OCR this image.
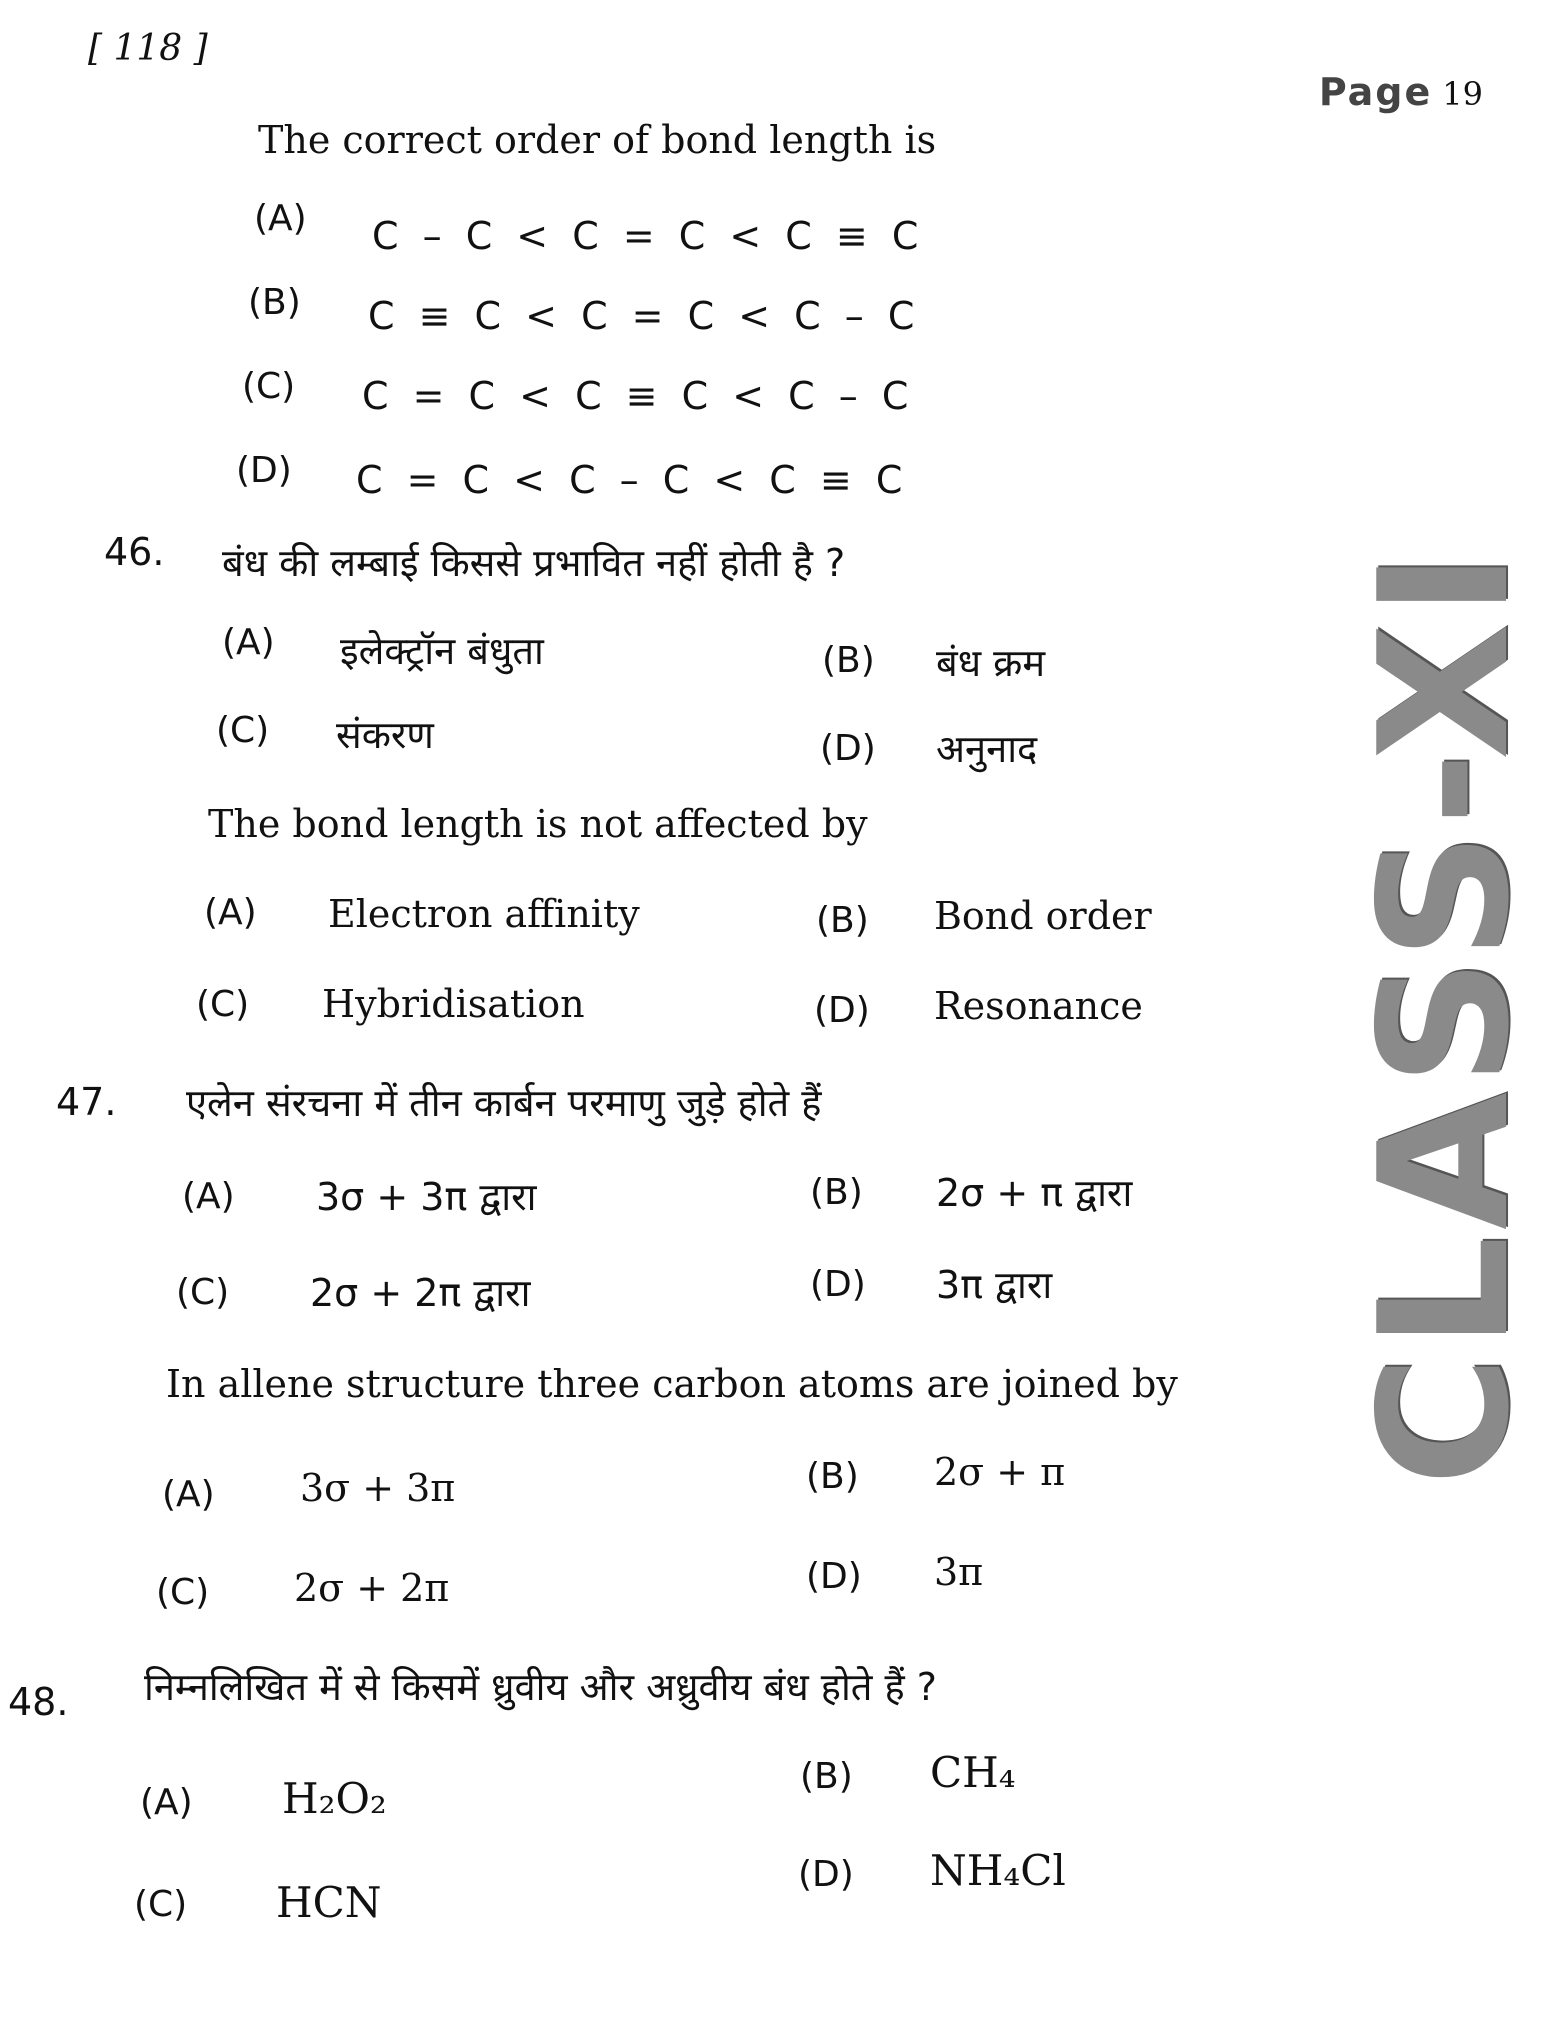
[ 118 ]
Page 19
CLASS-XI
The correct order of bond length is
(A) C – C < C = C < C ≡ C
(B) C ≡ C < C = C < C – C
(C) C = C < C ≡ C < C – C
(D) C = C < C – C < C ≡ C
46. बंध की लम्बाई किससे प्रभावित नहीं होती है ?
(A) इलेक्ट्रॉन बंधुता	(B) बंध क्रम
(C) संकरण	(D) अनुनाद
The bond length is not affected by
(A) Electron affinity	(B) Bond order
(C) Hybridisation	(D) Resonance
47. एलेन संरचना में तीन कार्बन परमाणु जुड़े होते हैं
(A) 3σ + 3π द्वारा	(B) 2σ + π द्वारा
(C) 2σ + 2π द्वारा	(D) 3π द्वारा
In allene structure three carbon atoms are joined by
(A) 3σ + 3π	(B) 2σ + π
(C) 2σ + 2π	(D) 3π
48. निम्नलिखित में से किसमें ध्रुवीय और अध्रुवीय बंध होते हैं ?
(A) H₂O₂	(B) CH₄
(C) HCN
(D) NH₄Cl
